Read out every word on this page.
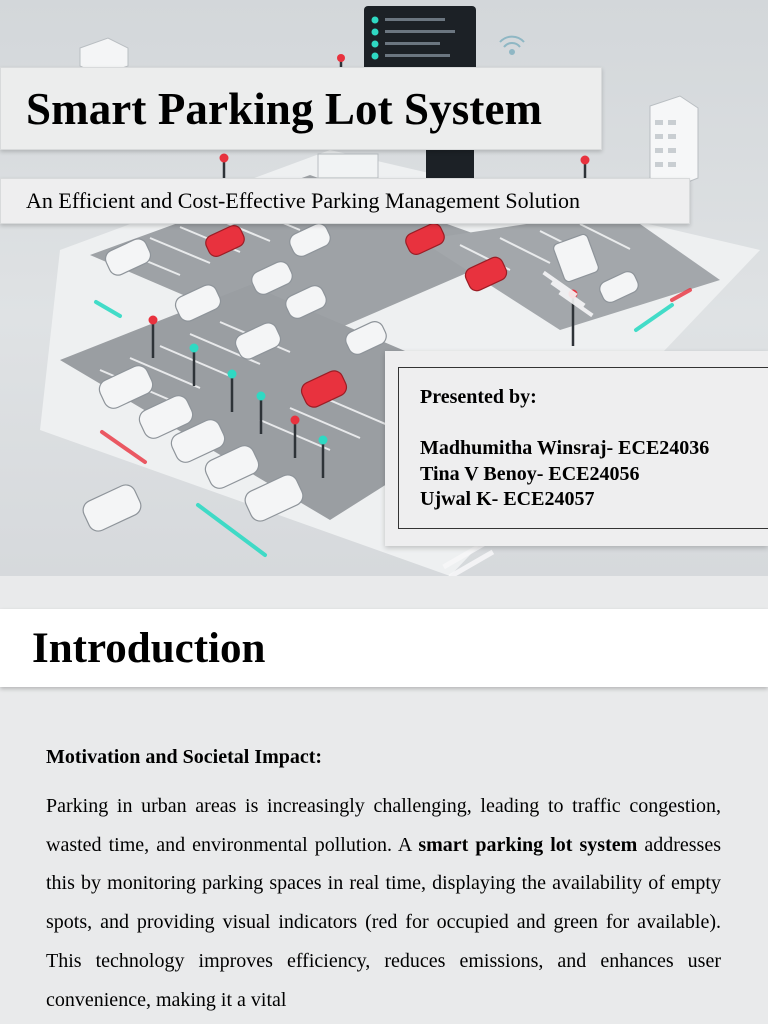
Smart Parking Lot System

An Efficient and Cost-Effective Parking Management Solution

Presented by:
Madhumitha Winsraj- ECE24036
Tina V Benoy- ECE24056
Ujwal K- ECE24057
Introduction
Motivation and Societal Impact:

Parking in urban areas is increasingly challenging, leading to traffic congestion, wasted time, and environmental pollution. A smart parking lot system addresses this by monitoring parking spaces in real time, displaying the availability of empty spots, and providing visual indicators (red for occupied and green for available). This technology improves efficiency, reduces emissions, and enhances user convenience, making it a vital
